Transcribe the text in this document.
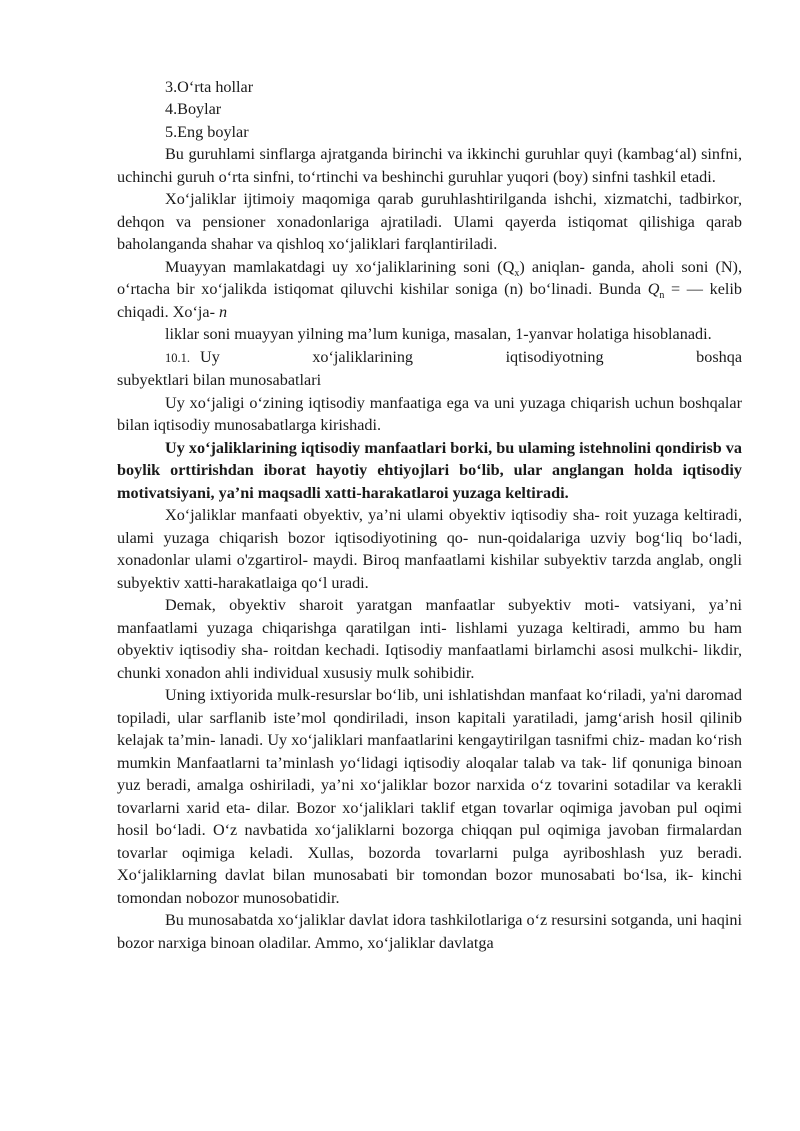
3.O‘rta hollar

4.Boylar

5.Eng boylar

Bu guruhlami sinflarga ajratganda birinchi va ikkinchi guruhlar quyi (kambag‘al) sinfni, uchinchi guruh o‘rta sinfni, to‘rtinchi va beshinchi guruhlar yuqori (boy) sinfni tashkil etadi.

Xo‘jaliklar ijtimoiy maqomiga qarab guruhlashtirilganda ishchi, xizmatchi, tadbirkor, dehqon va pensioner xonadonlariga ajratiladi. Ulami qayerda istiqomat qilishiga qarab baholanganda shahar va qishloq xo‘jaliklari farqlantiriladi.

Muayyan mamlakatdagi uy xo‘jaliklarining soni $(Q_x)$ aniqlan- ganda, aholi soni (N), o‘rtacha bir xo‘jalikda istiqomat qiluvchi kishilar soniga (n) bo‘linadi. Bunda $Q_n$ = — kelib chiqadi. Xo‘ja- n

liklar soni muayyan yilning ma’lum kuniga, masalan, 1-yanvar holatiga hisoblanadi.

10.1. Uy	xo‘jaliklarining	iqtisodiyotning	boshqa

subyektlari bilan munosabatlari

Uy xo‘jaligi o‘zining iqtisodiy manfaatiga ega va uni yuzaga chiqarish uchun boshqalar bilan iqtisodiy munosabatlarga kirishadi.

Uy xo‘jaliklarining iqtisodiy manfaatlari borki, bu ulaming istehnolini qondirisb va boylik orttirishdan iborat hayotiy ehtiyojlari bo‘lib, ular anglangan holda iqtisodiy motivatsiyani, ya’ni maqsadli xatti-harakatlaroi yuzaga keltiradi.

Xo‘jaliklar manfaati obyektiv, ya’ni ulami obyektiv iqtisodiy sha- roit yuzaga keltiradi, ulami yuzaga chiqarish bozor iqtisodiyotining qo- nun-qoidalariga uzviy bog‘liq bo‘ladi, xonadonlar ulami o'zgartirol- maydi. Biroq manfaatlami kishilar subyektiv tarzda anglab, ongli subyektiv xatti-harakatlaiga qo‘l uradi.

Demak, obyektiv sharoit yaratgan manfaatlar subyektiv moti- vatsiyani, ya’ni manfaatlami yuzaga chiqarishga qaratilgan inti- lishlami yuzaga keltiradi, ammo bu ham obyektiv iqtisodiy sha- roitdan kechadi. Iqtisodiy manfaatlami birlamchi asosi mulkchi- likdir, chunki xonadon ahli individual xususiy mulk sohibidir.

Uning ixtiyorida mulk-resurslar bo‘lib, uni ishlatishdan manfaat ko‘riladi, ya'ni daromad topiladi, ular sarflanib iste’mol qondiriladi, inson kapitali yaratiladi, jamg‘arish hosil qilinib kelajak ta’min- lanadi. Uy xo‘jaliklari manfaatlarini kengaytirilgan tasnifmi chiz- madan ko‘rish mumkin Manfaatlarni ta’minlash yo‘lidagi iqtisodiy aloqalar talab va tak- lif qonuniga binoan yuz beradi, amalga oshiriladi, ya’ni xo‘jaliklar bozor narxida o‘z tovarini sotadilar va kerakli tovarlarni xarid eta- dilar. Bozor xo‘jaliklari taklif etgan tovarlar oqimiga javoban pul oqimi hosil bo‘ladi. O‘z navbatida xo‘jaliklarni bozorga chiqqan pul oqimiga javoban firmalardan tovarlar oqimiga keladi. Xullas, bozorda tovarlarni pulga ayriboshlash yuz beradi. Xo‘jaliklarning davlat bilan munosabati bir tomondan bozor munosabati bo‘lsa, ik- kinchi tomondan nobozor munosobatidir.

Bu munosabatda xo‘jaliklar davlat idora tashkilotlariga o‘z resursini sotganda, uni haqini bozor narxiga binoan oladilar. Ammo, xo‘jaliklar davlatga
